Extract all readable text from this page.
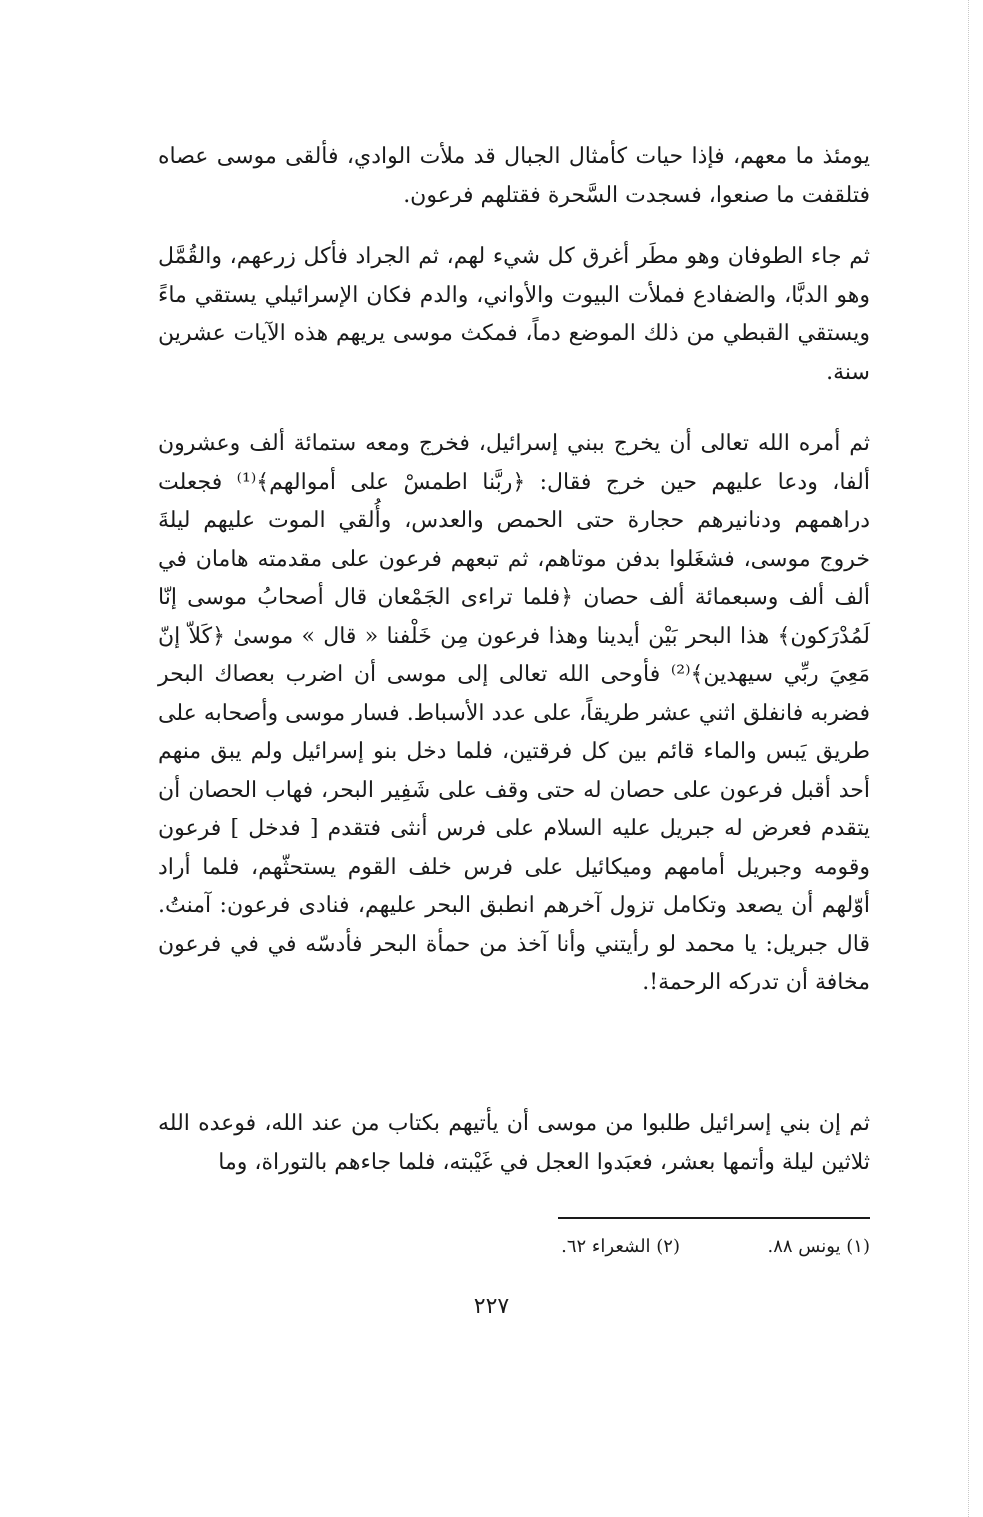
يومئذ ما معهم، فإذا حيات كأمثال الجبال قد ملأت الوادي، فألقى موسى عصاه فتلقفت ما صنعوا، فسجدت السَّحرة فقتلهم فرعون.

ثم جاء الطوفان وهو مطَر أغرق كل شيء لهم، ثم الجراد فأكل زرعهم، والقُمَّل وهو الدبَّا، والضفادع فملأت البيوت والأواني، والدم فكان الإسرائيلي يستقي ماءً ويستقي القبطي من ذلك الموضع دماً، فمكث موسى يريهم هذه الآيات عشرين سنة.

ثم أمره الله تعالى أن يخرج ببني إسرائيل، فخرج ومعه ستمائة ألف وعشرون ألفا، ودعا عليهم حين خرج فقال: ﴿ربَّنا اطمسْ على أموالهم﴾⁽¹⁾ فجعلت دراهمهم ودنانيرهم حجارة حتى الحمص والعدس، وأُلقي الموت عليهم ليلةَ خروج موسى، فشغَلوا بدفن موتاهم، ثم تبعهم فرعون على مقدمته هامان في ألف ألف وسبعمائة ألف حصان ﴿فلما تراءى الجَمْعان قال أصحابُ موسى إنّا لَمُدْرَكون﴾ هذا البحر بَيْن أيدينا وهذا فرعون مِن خَلْفنا « قال » موسىٰ ﴿كَلاّ إنّ مَعِيَ ربِّي سيهدين﴾⁽²⁾ فأوحى الله تعالى إلى موسى أن اضرب بعصاك البحر فضربه فانفلق اثني عشر طريقاً، على عدد الأسباط. فسار موسى وأصحابه على طريق يَبس والماء قائم بين كل فرقتين، فلما دخل بنو إسرائيل ولم يبق منهم أحد أقبل فرعون على حصان له حتى وقف على شَفِير البحر، فهاب الحصان أن يتقدم فعرض له جبريل عليه السلام على فرس أنثى فتقدم [ فدخل ] فرعون وقومه وجبريل أمامهم وميكائيل على فرس خلف القوم يستحثّهم، فلما أراد أوّلهم أن يصعد وتكامل تزول آخرهم انطبق البحر عليهم، فنادى فرعون: آمنتُ. قال جبريل: يا محمد لو رأيتني وأنا آخذ من حمأة البحر فأدسّه في في فرعون مخافة أن تدركه الرحمة!.

ثم إن بني إسرائيل طلبوا من موسى أن يأتيهم بكتاب من عند الله، فوعده الله ثلاثين ليلة وأتمها بعشر، فعبَدوا العجل في غَيْبته، فلما جاءهم بالتوراة، وما

(١) يونس ٨٨.
(٢) الشعراء ٦٢.
٢٢٧
